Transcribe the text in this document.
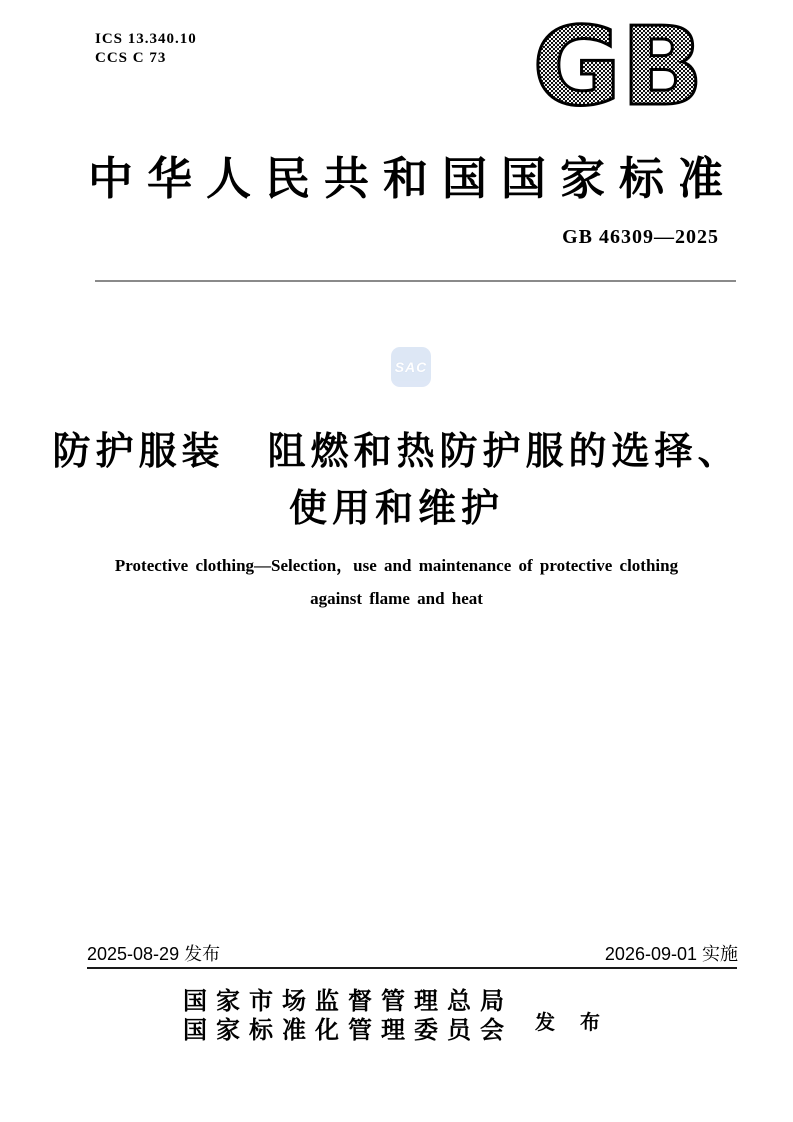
ICS 13.340.10
CCS C 73	GB
中华人民共和国国家标准
GB 46309—2025
SAC
防护服装　阻燃和热防护服的选择、
使用和维护
Protective clothing—Selection，use and maintenance of protective clothing
against flame and heat
2025-08-29 发布	2026-09-01 实施
国家市场监督管理总局
国家标准化管理委员会 发 布
